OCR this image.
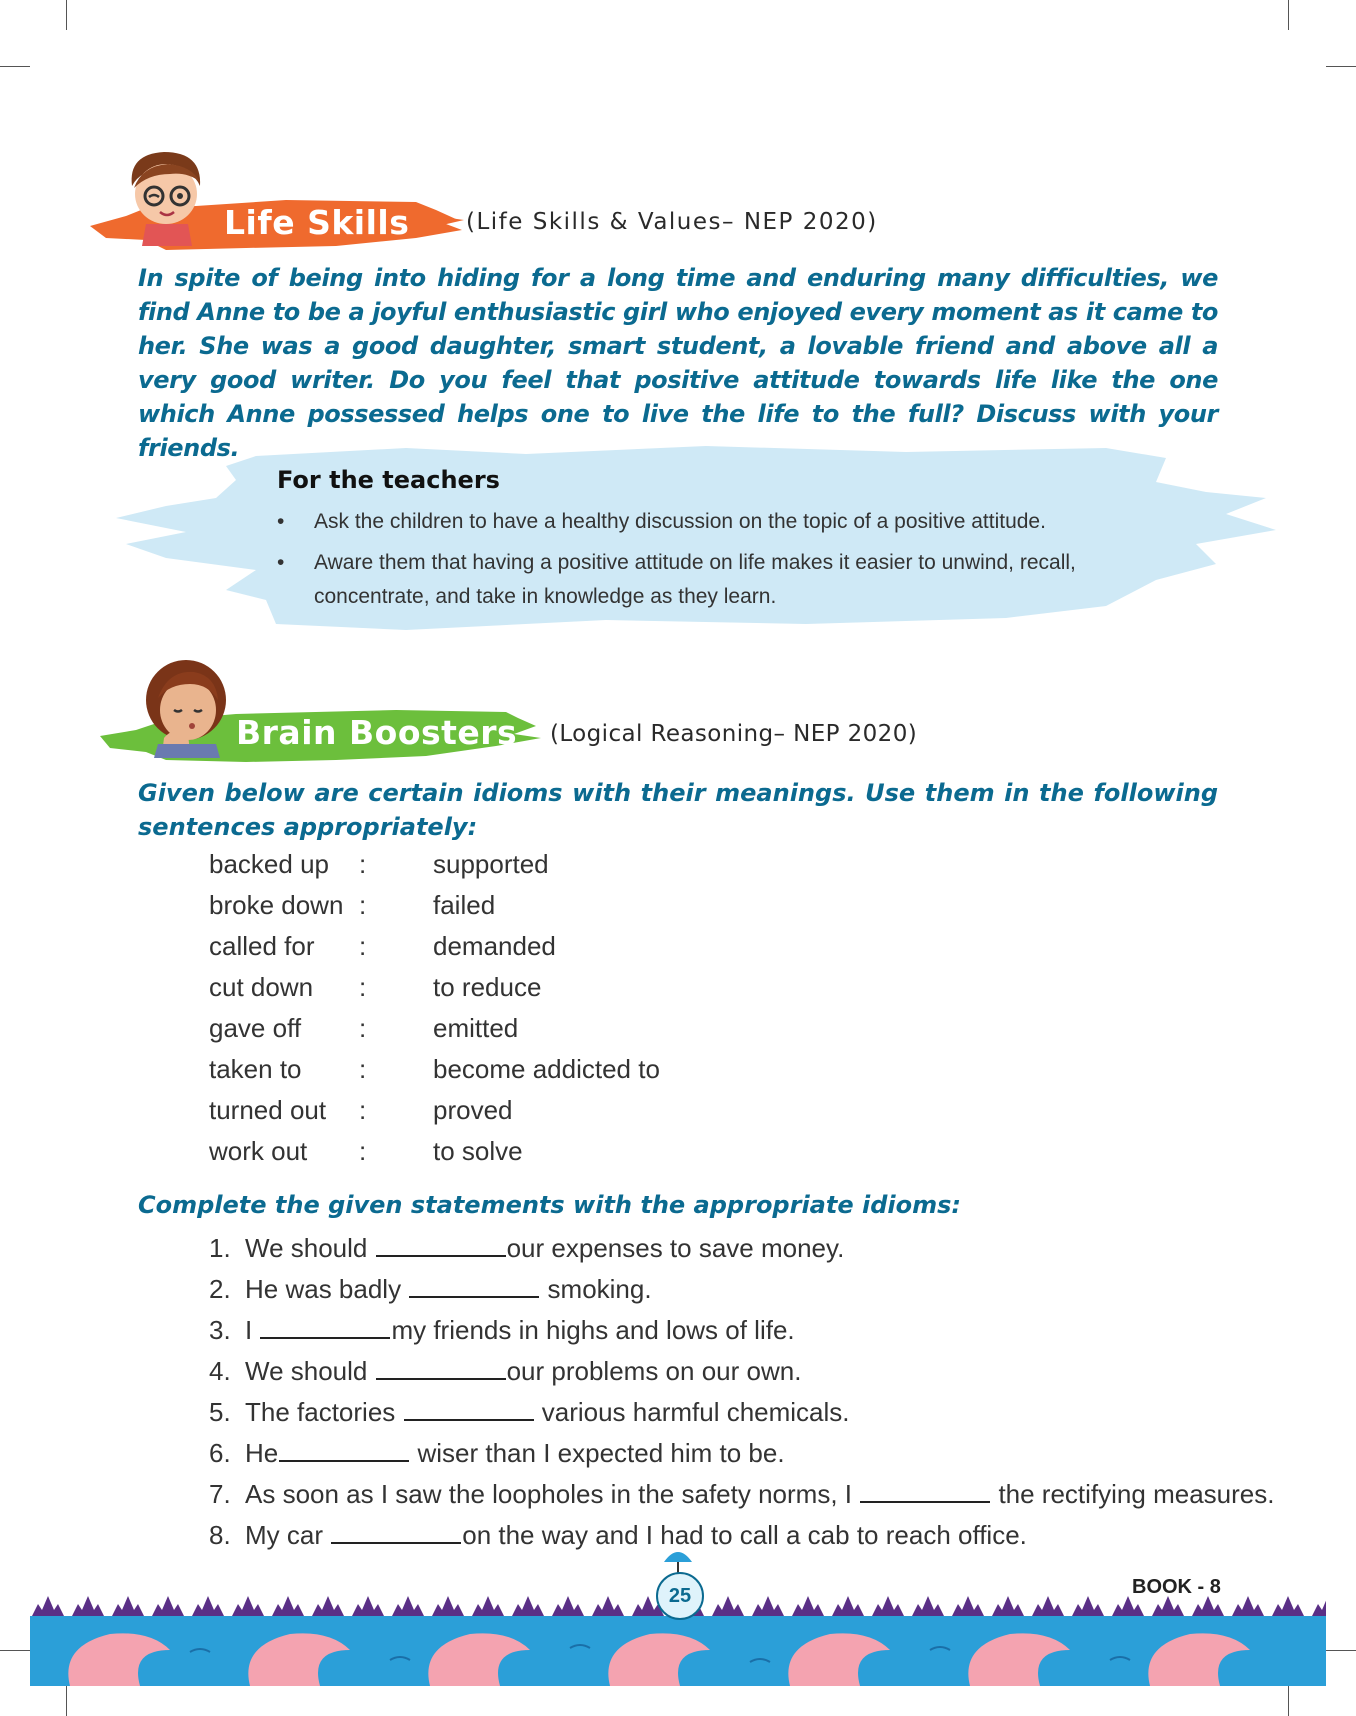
Life Skills (Life Skills & Values– NEP 2020)
In spite of being into hiding for a long time and enduring many difficulties, we find Anne to be a joyful enthusiastic girl who enjoyed every moment as it came to her. She was a good daughter, smart student, a lovable friend and above all a very good writer. Do you feel that positive attitude towards life like the one which Anne possessed helps one to live the life to the full? Discuss with your friends.
For the teachers
• Ask the children to have a healthy discussion on the topic of a positive attitude.
• Aware them that having a positive attitude on life makes it easier to unwind, recall, concentrate, and take in knowledge as they learn.
Brain Boosters (Logical Reasoning– NEP 2020)
Given below are certain idioms with their meanings. Use them in the following sentences appropriately:
backed up	:	supported
broke down :	failed
called for	:	demanded
cut down	:	to reduce
gave off	:	emitted
taken to	:	become addicted to
turned out	:	proved
work out	:	to solve
Complete the given statements with the appropriate idioms:
1. We should	our expenses to save money.
2. He was badly	smoking.
3. I	my friends in highs and lows of life.
4. We should	our problems on our own.
5. The factories	various harmful chemicals.
6. He	wiser than I expected him to be.
7. As soon as I saw the loopholes in the safety norms, I	the rectifying measures.
8. My car	on the way and I had to call a cab to reach office.
25	BOOK - 8
